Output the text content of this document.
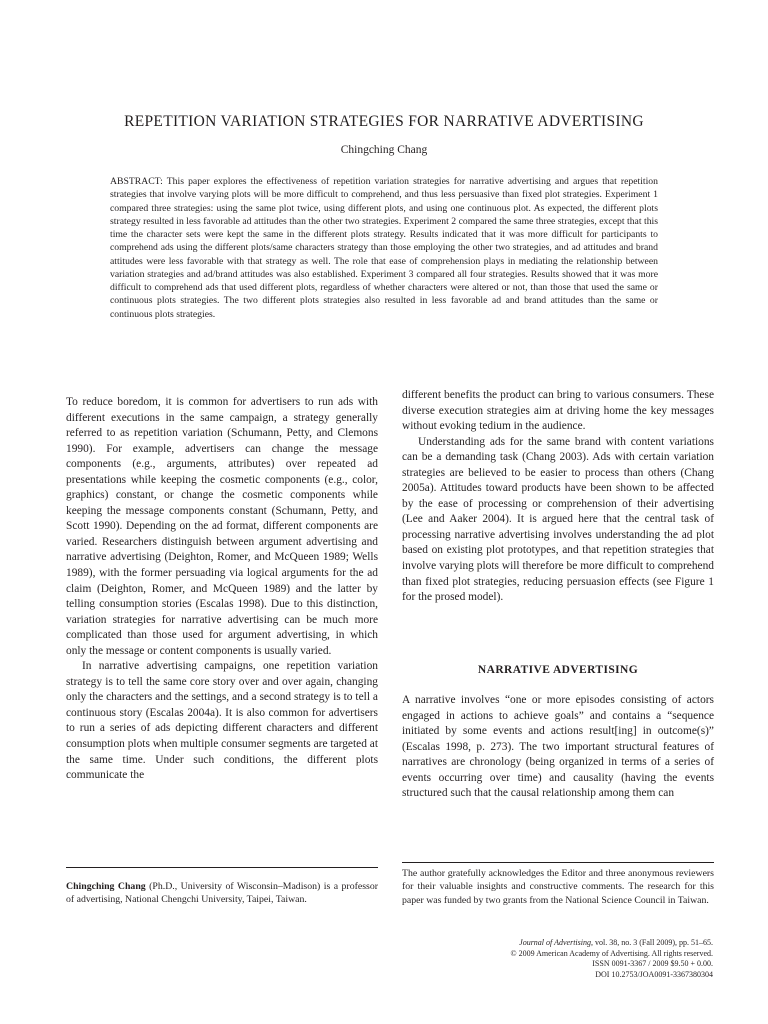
REPETITION VARIATION STRATEGIES FOR NARRATIVE ADVERTISING

Chingching Chang

ABSTRACT: This paper explores the effectiveness of repetition variation strategies for narrative advertising and argues that repetition strategies that involve varying plots will be more difficult to comprehend, and thus less persuasive than fixed plot strategies. Experiment 1 compared three strategies: using the same plot twice, using different plots, and using one continuous plot. As expected, the different plots strategy resulted in less favorable ad attitudes than the other two strategies. Experiment 2 compared the same three strategies, except that this time the character sets were kept the same in the different plots strategy. Results indicated that it was more difficult for participants to comprehend ads using the different plots/same characters strategy than those employing the other two strategies, and ad attitudes and brand attitudes were less favorable with that strategy as well. The role that ease of comprehension plays in mediating the relationship between variation strategies and ad/brand attitudes was also established. Experiment 3 compared all four strategies. Results showed that it was more difficult to comprehend ads that used different plots, regardless of whether characters were altered or not, than those that used the same or continuous plots strategies. The two different plots strategies also resulted in less favorable ad and brand attitudes than the same or continuous plots strategies.

To reduce boredom, it is common for advertisers to run ads with different executions in the same campaign, a strategy generally referred to as repetition variation (Schumann, Petty, and Clemons 1990). For example, advertisers can change the message components (e.g., arguments, attributes) over repeated ad presentations while keeping the cosmetic components (e.g., color, graphics) constant, or change the cosmetic components while keeping the message components constant (Schumann, Petty, and Scott 1990). Depending on the ad format, different components are varied. Researchers distinguish between argument advertising and narrative advertising (Deighton, Romer, and McQueen 1989; Wells 1989), with the former persuading via logical arguments for the ad claim (Deighton, Romer, and McQueen 1989) and the latter by telling consumption stories (Escalas 1998). Due to this distinction, variation strategies for narrative advertising can be much more complicated than those used for argument advertising, in which only the message or content components is usually varied.

In narrative advertising campaigns, one repetition variation strategy is to tell the same core story over and over again, changing only the characters and the settings, and a second strategy is to tell a continuous story (Escalas 2004a). It is also common for advertisers to run a series of ads depicting different characters and different consumption plots when multiple consumer segments are targeted at the same time. Under such conditions, the different plots communicate the

different benefits the product can bring to various consumers. These diverse execution strategies aim at driving home the key messages without evoking tedium in the audience.

Understanding ads for the same brand with content variations can be a demanding task (Chang 2003). Ads with certain variation strategies are believed to be easier to process than others (Chang 2005a). Attitudes toward products have been shown to be affected by the ease of processing or comprehension of their advertising (Lee and Aaker 2004). It is argued here that the central task of processing narrative advertising involves understanding the ad plot based on existing plot prototypes, and that repetition strategies that involve varying plots will therefore be more difficult to comprehend than fixed plot strategies, reducing persuasion effects (see Figure 1 for the prosed model).

NARRATIVE ADVERTISING

A narrative involves “one or more episodes consisting of actors engaged in actions to achieve goals” and contains a “sequence initiated by some events and actions result[ing] in outcome(s)” (Escalas 1998, p. 273). The two important structural features of narratives are chronology (being organized in terms of a series of events occurring over time) and causality (having the events structured such that the causal relationship among them can

Chingching Chang (Ph.D., University of Wisconsin–Madison) is a professor of advertising, National Chengchi University, Taipei, Taiwan.

The author gratefully acknowledges the Editor and three anonymous reviewers for their valuable insights and constructive comments. The research for this paper was funded by two grants from the National Science Council in Taiwan.

Journal of Advertising, vol. 38, no. 3 (Fall 2009), pp. 51–65.
© 2009 American Academy of Advertising. All rights reserved.
ISSN 0091-3367 / 2009 $9.50 + 0.00.
DOI 10.2753/JOA0091-3367380304
